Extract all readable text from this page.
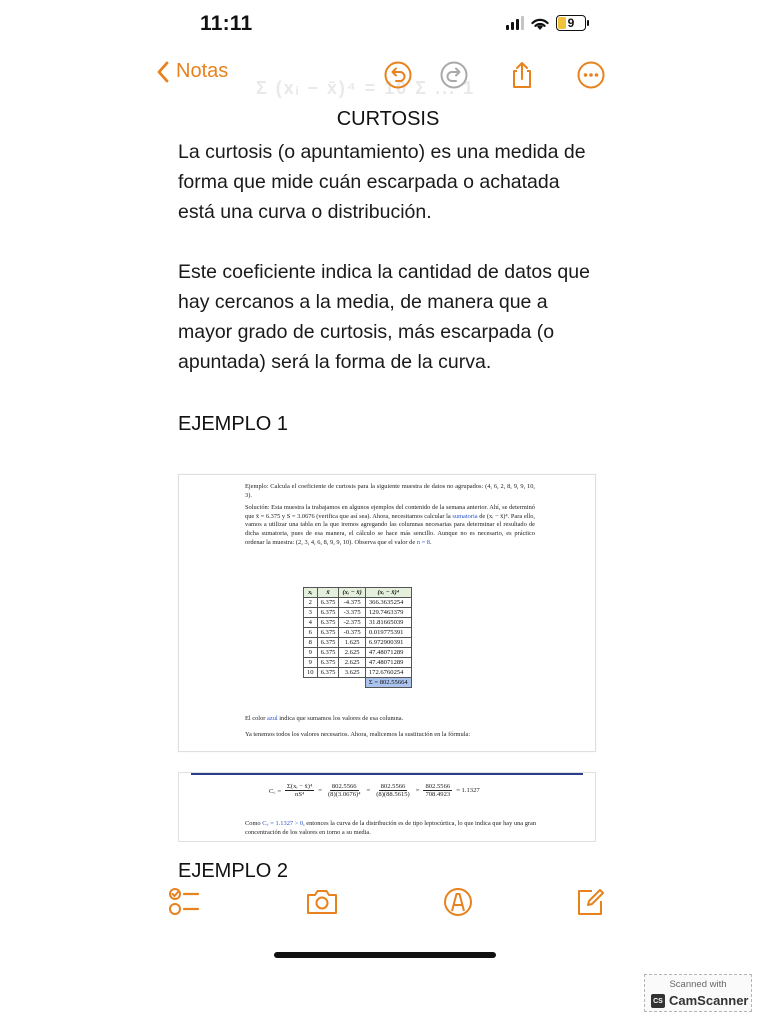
11:11	9
Σ (xᵢ − x̄)⁴ = 10 Σ ... 1
Notas
CURTOSIS

La curtosis (o apuntamiento) es una medida de forma que mide cuán escarpada o achatada está una curva o distribución.

Este coeficiente indica la cantidad de datos que hay cercanos a la media, de manera que a mayor grado de curtosis, más escarpada (o apuntada) será la forma de la curva.

EJEMPLO 1

Ejemplo: Calcula el coeficiente de curtosis para la siguiente muestra de datos no agrupados: (4, 6, 2, 8, 9, 9, 10, 3).

Solución: Esta muestra la trabajamos en algunos ejemplos del contenido de la semana anterior. Ahí, se determinó que x̄ = 6.375 y S = 3.0676 (verifica que así sea). Ahora, necesitamos calcular la sumatoria de (xᵢ − x̄)⁴. Para ello, vamos a utilizar una tabla en la que iremos agregando las columnas necesarias para determinar el resultado de dicha sumatoria, pues de esa manera, el cálculo se hace más sencillo. Aunque no es necesario, es práctico ordenar la muestra: (2, 3, 4, 6, 8, 9, 9, 10). Observa que el valor de n = 8.

xᵢ	x̄	(xᵢ − x̄)	(xᵢ − x̄)⁴
2	6.375	-4.375	366.3635254
3	6.375	-3.375	129.7463379
4	6.375	-2.375	31.81665039
6	6.375	-0.375	0.019775391
8	6.375	1.625	6.972900391
9	6.375	2.625	47.48071289
9	6.375	2.625	47.48071289
10	6.375	3.625	172.6760254
			Σ = 802.55664
El color azul indica que sumamos los valores de esa columna.
Ya tenemos todos los valores necesarios. Ahora, realicemos la sustitución en la fórmula:
C꜀ = $\frac{\text{Σ(xᵢ − x̄)⁴}}{\text{nS⁴}} = \frac{802.5566}{\text{(8)(3.0676)⁴}} = \frac{802.5566}{(8)(88.5615)} = \frac{802.5566}{708.4923} = 1.1327$
Como C꜀ = 1.1327 > 0, entonces la curva de la distribución es de tipo leptocúrtica, lo que indica que hay una gran concentración de los valores en torno a su media.
EJEMPLO 2
Scanned with
CS CamScanner
